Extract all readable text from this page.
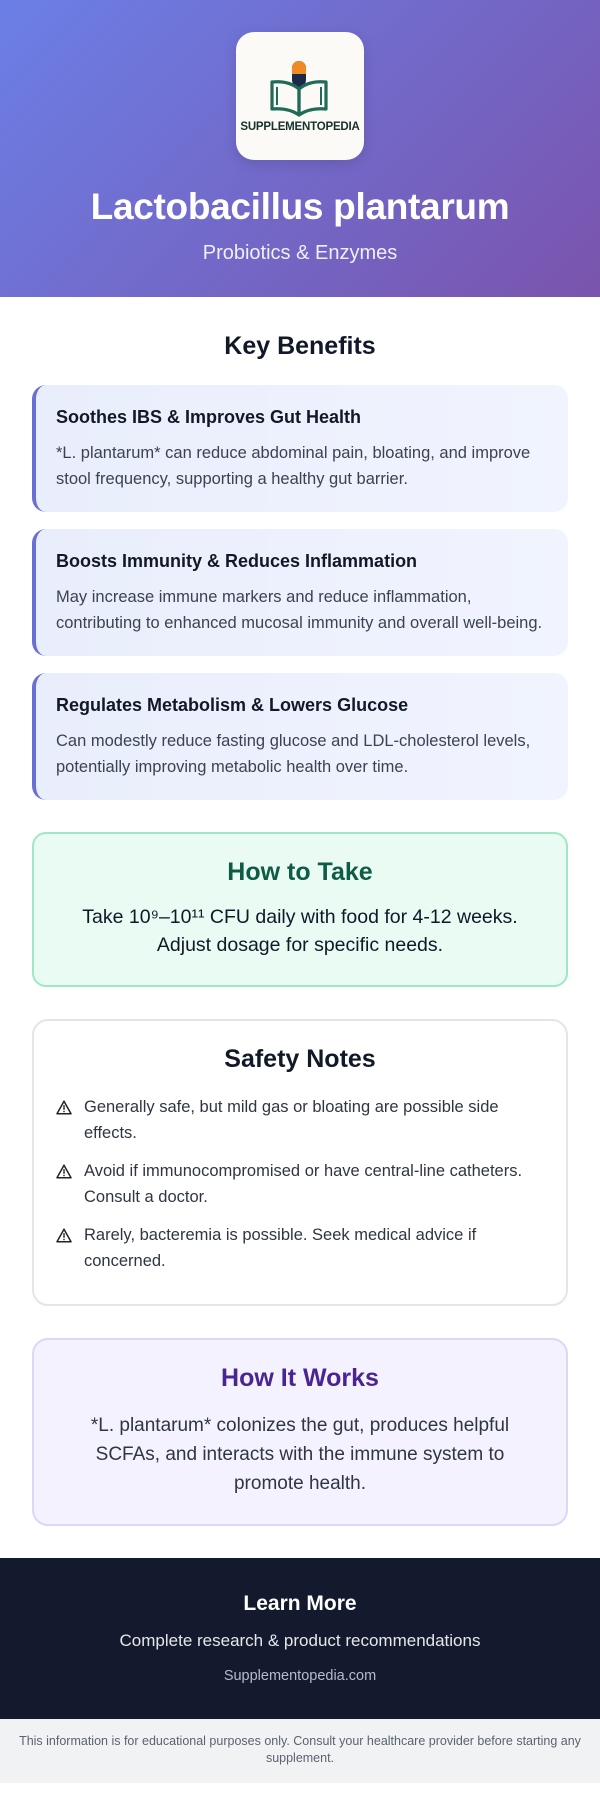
SUPPLEMENTOPEDIA
Lactobacillus plantarum
Probiotics & Enzymes
Key Benefits
Soothes IBS & Improves Gut Health

*L. plantarum* can reduce abdominal pain, bloating, and improve stool frequency, supporting a healthy gut barrier.

Boosts Immunity & Reduces Inflammation

May increase immune markers and reduce inflammation, contributing to enhanced mucosal immunity and overall well-being.

Regulates Metabolism & Lowers Glucose

Can modestly reduce fasting glucose and LDL-cholesterol levels, potentially improving metabolic health over time.

How to Take

Take 10⁹–10¹¹ CFU daily with food for 4-12 weeks. Adjust dosage for specific needs.

Safety Notes

Generally safe, but mild gas or bloating are possible side effects.

Avoid if immunocompromised or have central-line catheters. Consult a doctor.

Rarely, bacteremia is possible. Seek medical advice if concerned.

How It Works

*L. plantarum* colonizes the gut, produces helpful SCFAs, and interacts with the immune system to promote health.

Learn More
Complete research & product recommendations
Supplementopedia.com
This information is for educational purposes only. Consult your healthcare provider before starting any supplement.
